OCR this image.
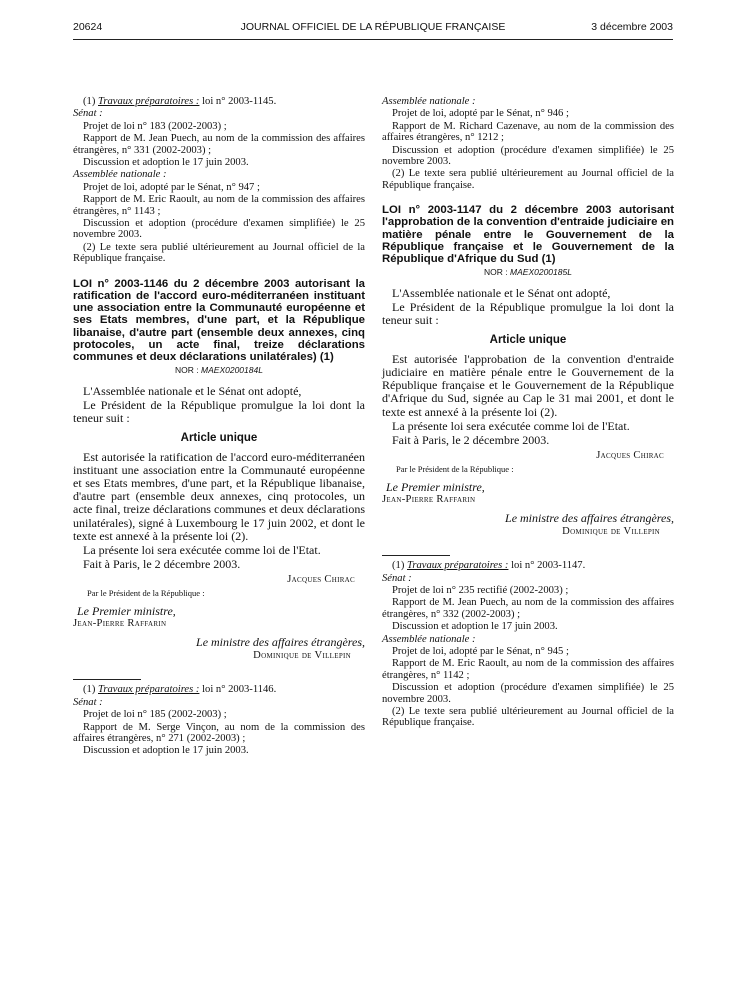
20624	JOURNAL OFFICIEL DE LA RÉPUBLIQUE FRANÇAISE	3 décembre 2003

(1) Travaux préparatoires : loi n° 2003-1145.

Sénat :

Projet de loi n° 183 (2002-2003) ;

Rapport de M. Jean Puech, au nom de la commission des affaires étrangères, n° 331 (2002-2003) ;

Discussion et adoption le 17 juin 2003.

Assemblée nationale :

Projet de loi, adopté par le Sénat, n° 947 ;

Rapport de M. Eric Raoult, au nom de la commission des affaires étrangères, n° 1143 ;

Discussion et adoption (procédure d'examen simplifiée) le 25 novembre 2003.

(2) Le texte sera publié ultérieurement au Journal officiel de la République française.

LOI n° 2003-1146 du 2 décembre 2003 autorisant la ratification de l'accord euro-méditerranéen instituant une association entre la Communauté européenne et ses Etats membres, d'une part, et la République libanaise, d'autre part (ensemble deux annexes, cinq protocoles, un acte final, treize déclarations communes et deux déclarations unilatérales) (1)

NOR : MAEX0200184L

L'Assemblée nationale et le Sénat ont adopté,

Le Président de la République promulgue la loi dont la teneur suit :

Article unique

Est autorisée la ratification de l'accord euro-méditerranéen instituant une association entre la Communauté européenne et ses Etats membres, d'une part, et la République libanaise, d'autre part (ensemble deux annexes, cinq protocoles, un acte final, treize déclarations communes et deux déclarations unilatérales), signé à Luxembourg le 17 juin 2002, et dont le texte est annexé à la présente loi (2).

La présente loi sera exécutée comme loi de l'Etat.

Fait à Paris, le 2 décembre 2003.

Jacques Chirac

Par le Président de la République :

Le Premier ministre,

Jean-Pierre Raffarin

Le ministre des affaires étrangères,

Dominique de Villepin

(1) Travaux préparatoires : loi n° 2003-1146.

Sénat :

Projet de loi n° 185 (2002-2003) ;

Rapport de M. Serge Vinçon, au nom de la commission des affaires étrangères, n° 271 (2002-2003) ;

Discussion et adoption le 17 juin 2003.

Assemblée nationale :

Projet de loi, adopté par le Sénat, n° 946 ;

Rapport de M. Richard Cazenave, au nom de la commission des affaires étrangères, n° 1212 ;

Discussion et adoption (procédure d'examen simplifiée) le 25 novembre 2003.

(2) Le texte sera publié ultérieurement au Journal officiel de la République française.

LOI n° 2003-1147 du 2 décembre 2003 autorisant l'approbation de la convention d'entraide judiciaire en matière pénale entre le Gouvernement de la République française et le Gouvernement de la République d'Afrique du Sud (1)

NOR : MAEX0200185L

L'Assemblée nationale et le Sénat ont adopté,

Le Président de la République promulgue la loi dont la teneur suit :

Article unique

Est autorisée l'approbation de la convention d'entraide judiciaire en matière pénale entre le Gouvernement de la République française et le Gouvernement de la République d'Afrique du Sud, signée au Cap le 31 mai 2001, et dont le texte est annexé à la présente loi (2).

La présente loi sera exécutée comme loi de l'Etat.

Fait à Paris, le 2 décembre 2003.

Jacques Chirac

Par le Président de la République :

Le Premier ministre,

Jean-Pierre Raffarin

Le ministre des affaires étrangères,

Dominique de Villepin

(1) Travaux préparatoires : loi n° 2003-1147.

Sénat :

Projet de loi n° 235 rectifié (2002-2003) ;

Rapport de M. Jean Puech, au nom de la commission des affaires étrangères, n° 332 (2002-2003) ;

Discussion et adoption le 17 juin 2003.

Assemblée nationale :

Projet de loi, adopté par le Sénat, n° 945 ;

Rapport de M. Eric Raoult, au nom de la commission des affaires étrangères, n° 1142 ;

Discussion et adoption (procédure d'examen simplifiée) le 25 novembre 2003.

(2) Le texte sera publié ultérieurement au Journal officiel de la République française.
